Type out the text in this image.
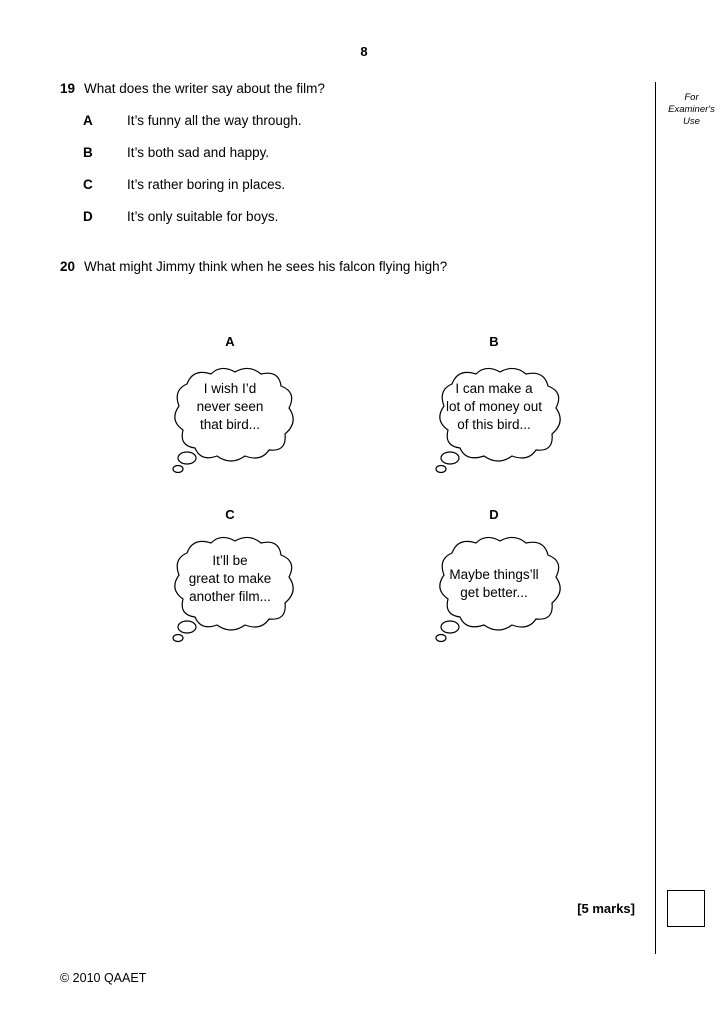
8
For
Examiner's
Use
19 What does the writer say about the film?
A	It’s funny all the way through.
B	It’s both sad and happy.
C	It’s rather boring in places.
D	It’s only suitable for boys.
20 What might Jimmy think when he sees his falcon flying high?
A
I wish I’d
never seen
that bird...
B
I can make a
lot of money out
of this bird...
C
It’ll be
great to make
another film...
D
Maybe things’ll
get better...
[5 marks]
© 2010 QAAET
